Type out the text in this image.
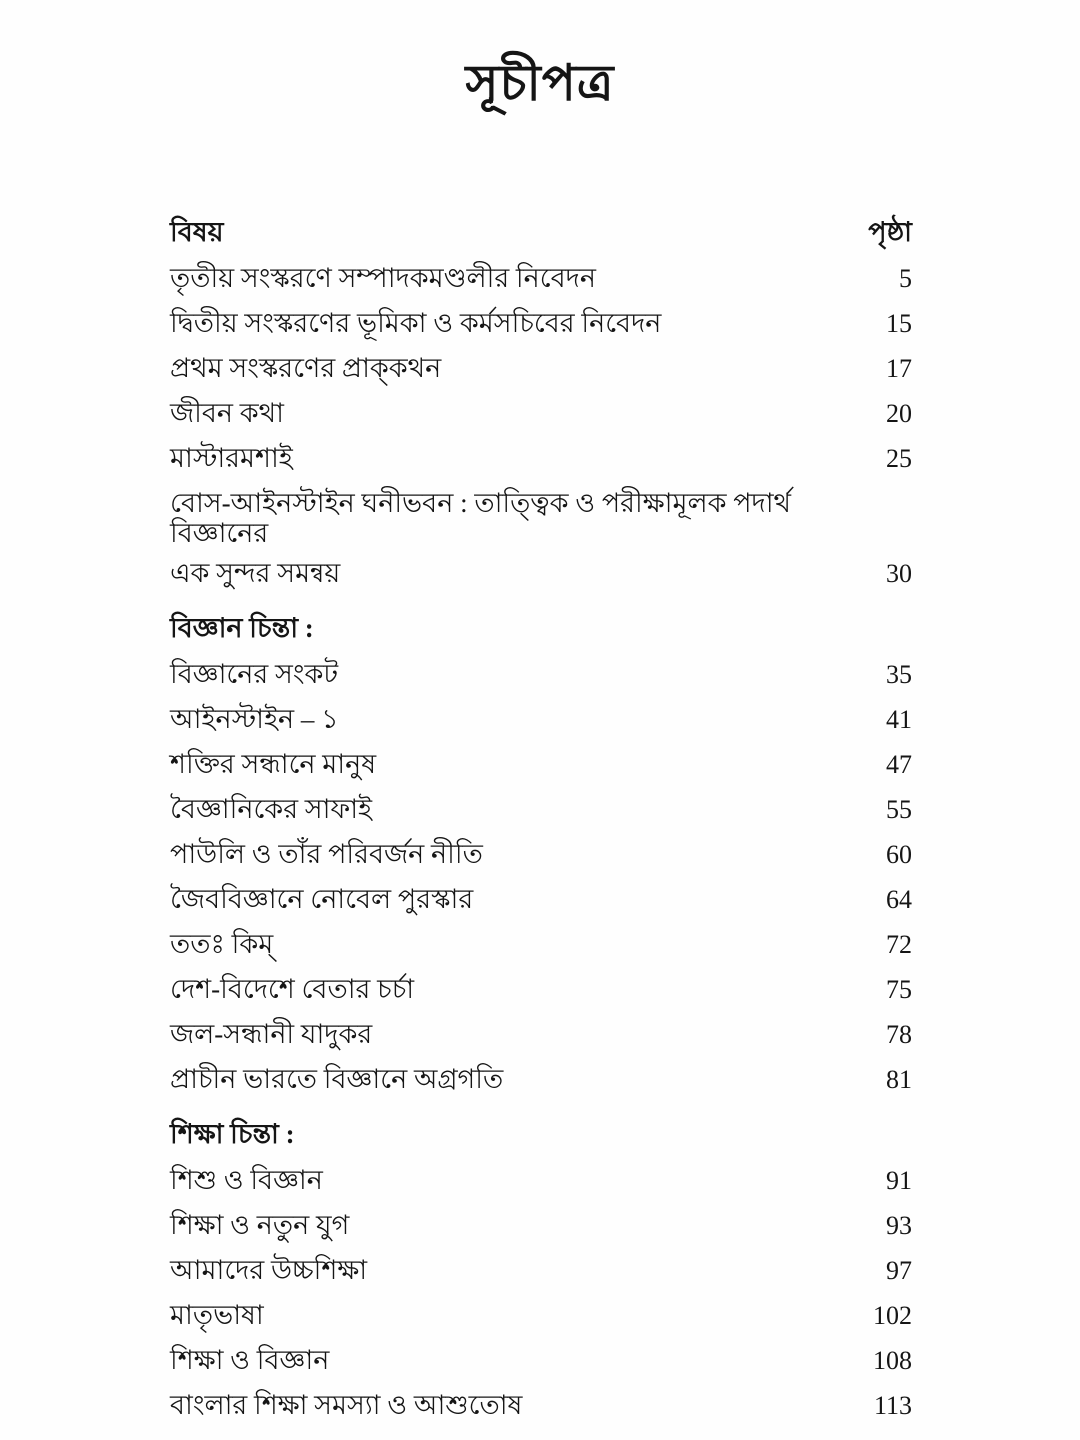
সূচীপত্র
বিষয়	পৃষ্ঠা
তৃতীয় সংস্করণে সম্পাদকমণ্ডলীর নিবেদন	5
দ্বিতীয় সংস্করণের ভূমিকা ও কর্মসচিবের নিবেদন	15
প্রথম সংস্করণের প্রাক্‌কথন	17
জীবন কথা	20
মাস্টারমশাই	25
বোস-আইনস্টাইন ঘনীভবন : তাত্ত্বিক ও পরীক্ষামূলক পদার্থ বিজ্ঞানের
এক সুন্দর সমন্বয়	30
বিজ্ঞান চিন্তা :
বিজ্ঞানের সংকট	35
আইনস্টাইন – ১	41
শক্তির সন্ধানে মানুষ	47
বৈজ্ঞানিকের সাফাই	55
পাউলি ও তাঁর পরিবর্জন নীতি	60
জৈববিজ্ঞানে নোবেল পুরস্কার	64
ততঃ কিম্	72
দেশ-বিদেশে বেতার চর্চা	75
জল-সন্ধানী যাদুকর	78
প্রাচীন ভারতে বিজ্ঞানে অগ্রগতি	81
শিক্ষা চিন্তা :
শিশু ও বিজ্ঞান	91
শিক্ষা ও নতুন যুগ	93
আমাদের উচ্চশিক্ষা	97
মাতৃভাষা	102
শিক্ষা ও বিজ্ঞান	108
বাংলার শিক্ষা সমস্যা ও আশুতোষ	113
